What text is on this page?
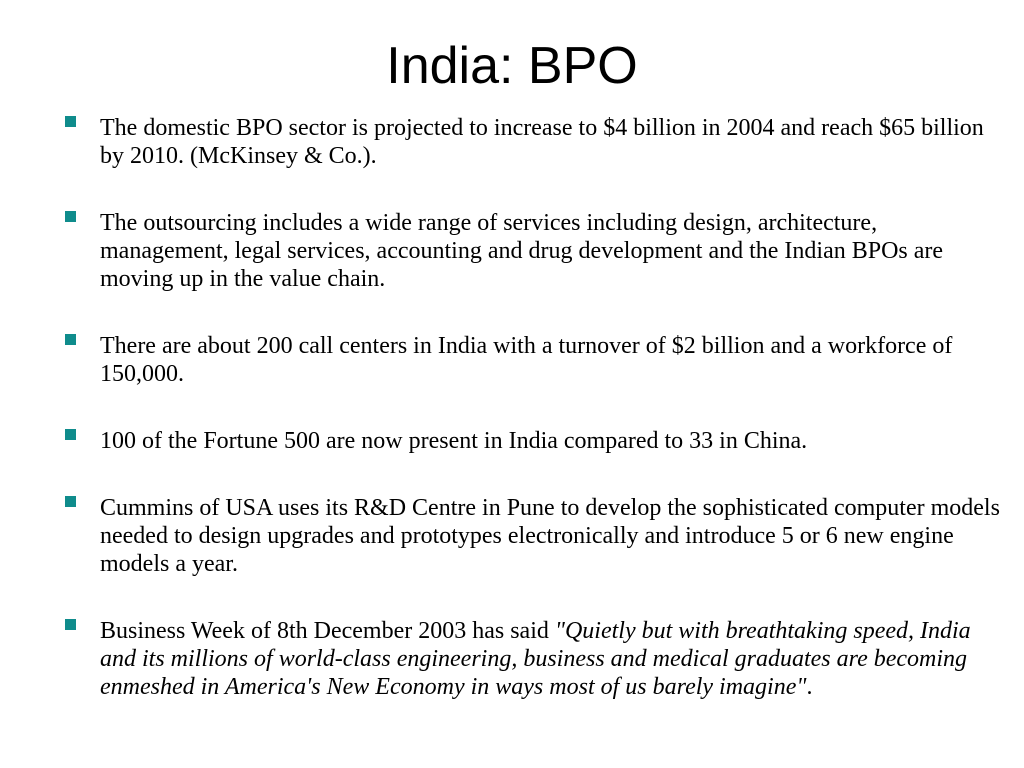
India: BPO
The domestic BPO sector is projected to increase to $4 billion in 2004 and reach $65 billion by 2010. (McKinsey & Co.).
The outsourcing includes a wide range of services including design, architecture, management, legal services, accounting and drug development and the Indian BPOs are moving up in the value chain.
There are about 200 call centers in India with a turnover of $2 billion and a workforce of 150,000.
100 of the Fortune 500 are now present in India compared to 33 in China.
Cummins of USA uses its R&D Centre in Pune to develop the sophisticated computer models needed to design upgrades and prototypes electronically and introduce 5 or 6 new engine models a year.
Business Week of 8th December 2003 has said "Quietly but with breathtaking speed, India and its millions of world-class engineering, business and medical graduates are becoming enmeshed in America's New Economy in ways most of us barely imagine".
